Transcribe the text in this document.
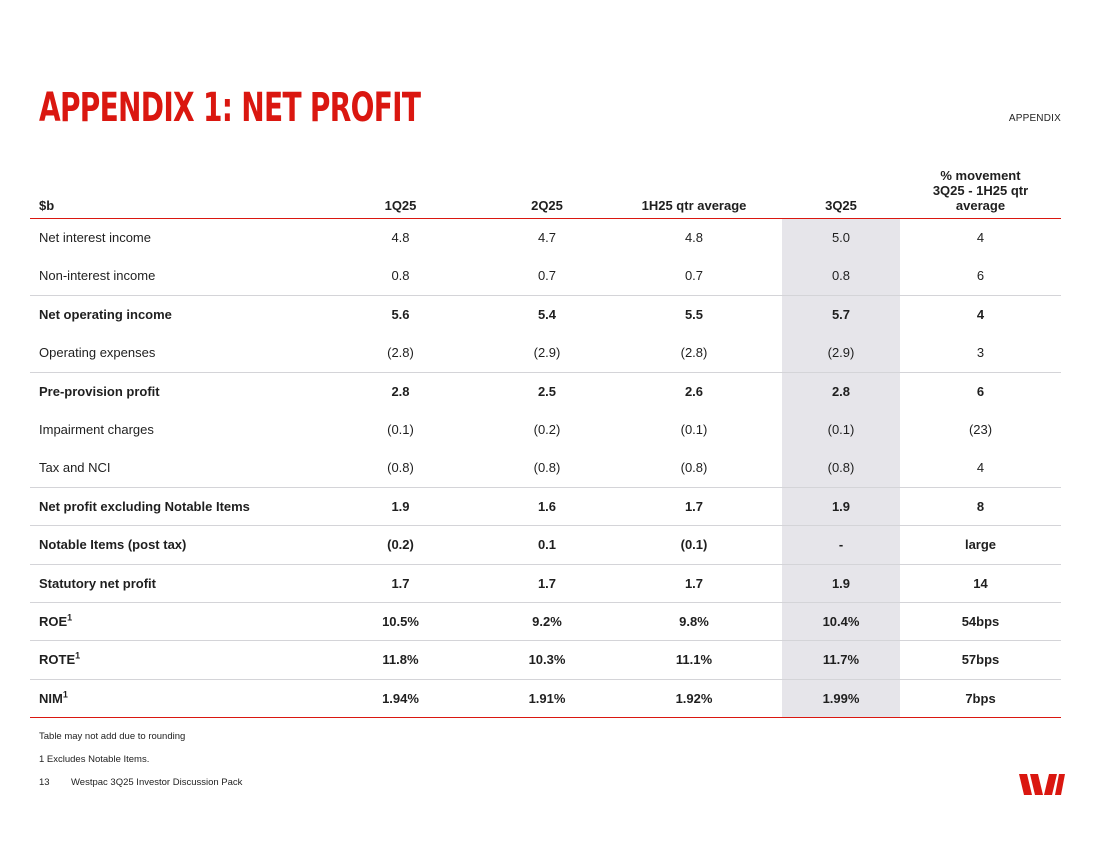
APPENDIX 1: NET PROFIT	APPENDIX
$b	1Q25	2Q25	1H25 qtr average	3Q25	% movement
3Q25 - 1H25 qtr
average

Net interest income	4.8	4.7	4.8	5.0	4
Non-interest income	0.8	0.7	0.7	0.8	6
Net operating income	5.6	5.4	5.5	5.7	4
Operating expenses	(2.8)	(2.9)	(2.8)	(2.9)	3
Pre-provision profit	2.8	2.5	2.6	2.8	6
Impairment charges	(0.1)	(0.2)	(0.1)	(0.1)	(23)
Tax and NCI	(0.8)	(0.8)	(0.8)	(0.8)	4
Net profit excluding Notable Items	1.9	1.6	1.7	1.9	8
Notable Items (post tax)	(0.2)	0.1	(0.1)	-	large
Statutory net profit	1.7	1.7	1.7	1.9	14
ROE$^1$	10.5%	9.2%	9.8%	10.4%	54bps
ROTE$^1$	11.8%	10.3%	11.1%	11.7%	57bps
NIM$^1$	1.94%	1.91%	1.92%	1.99%	7bps
Table may not add due to rounding
1 Excludes Notable Items.
13 Westpac 3Q25 Investor Discussion Pack
